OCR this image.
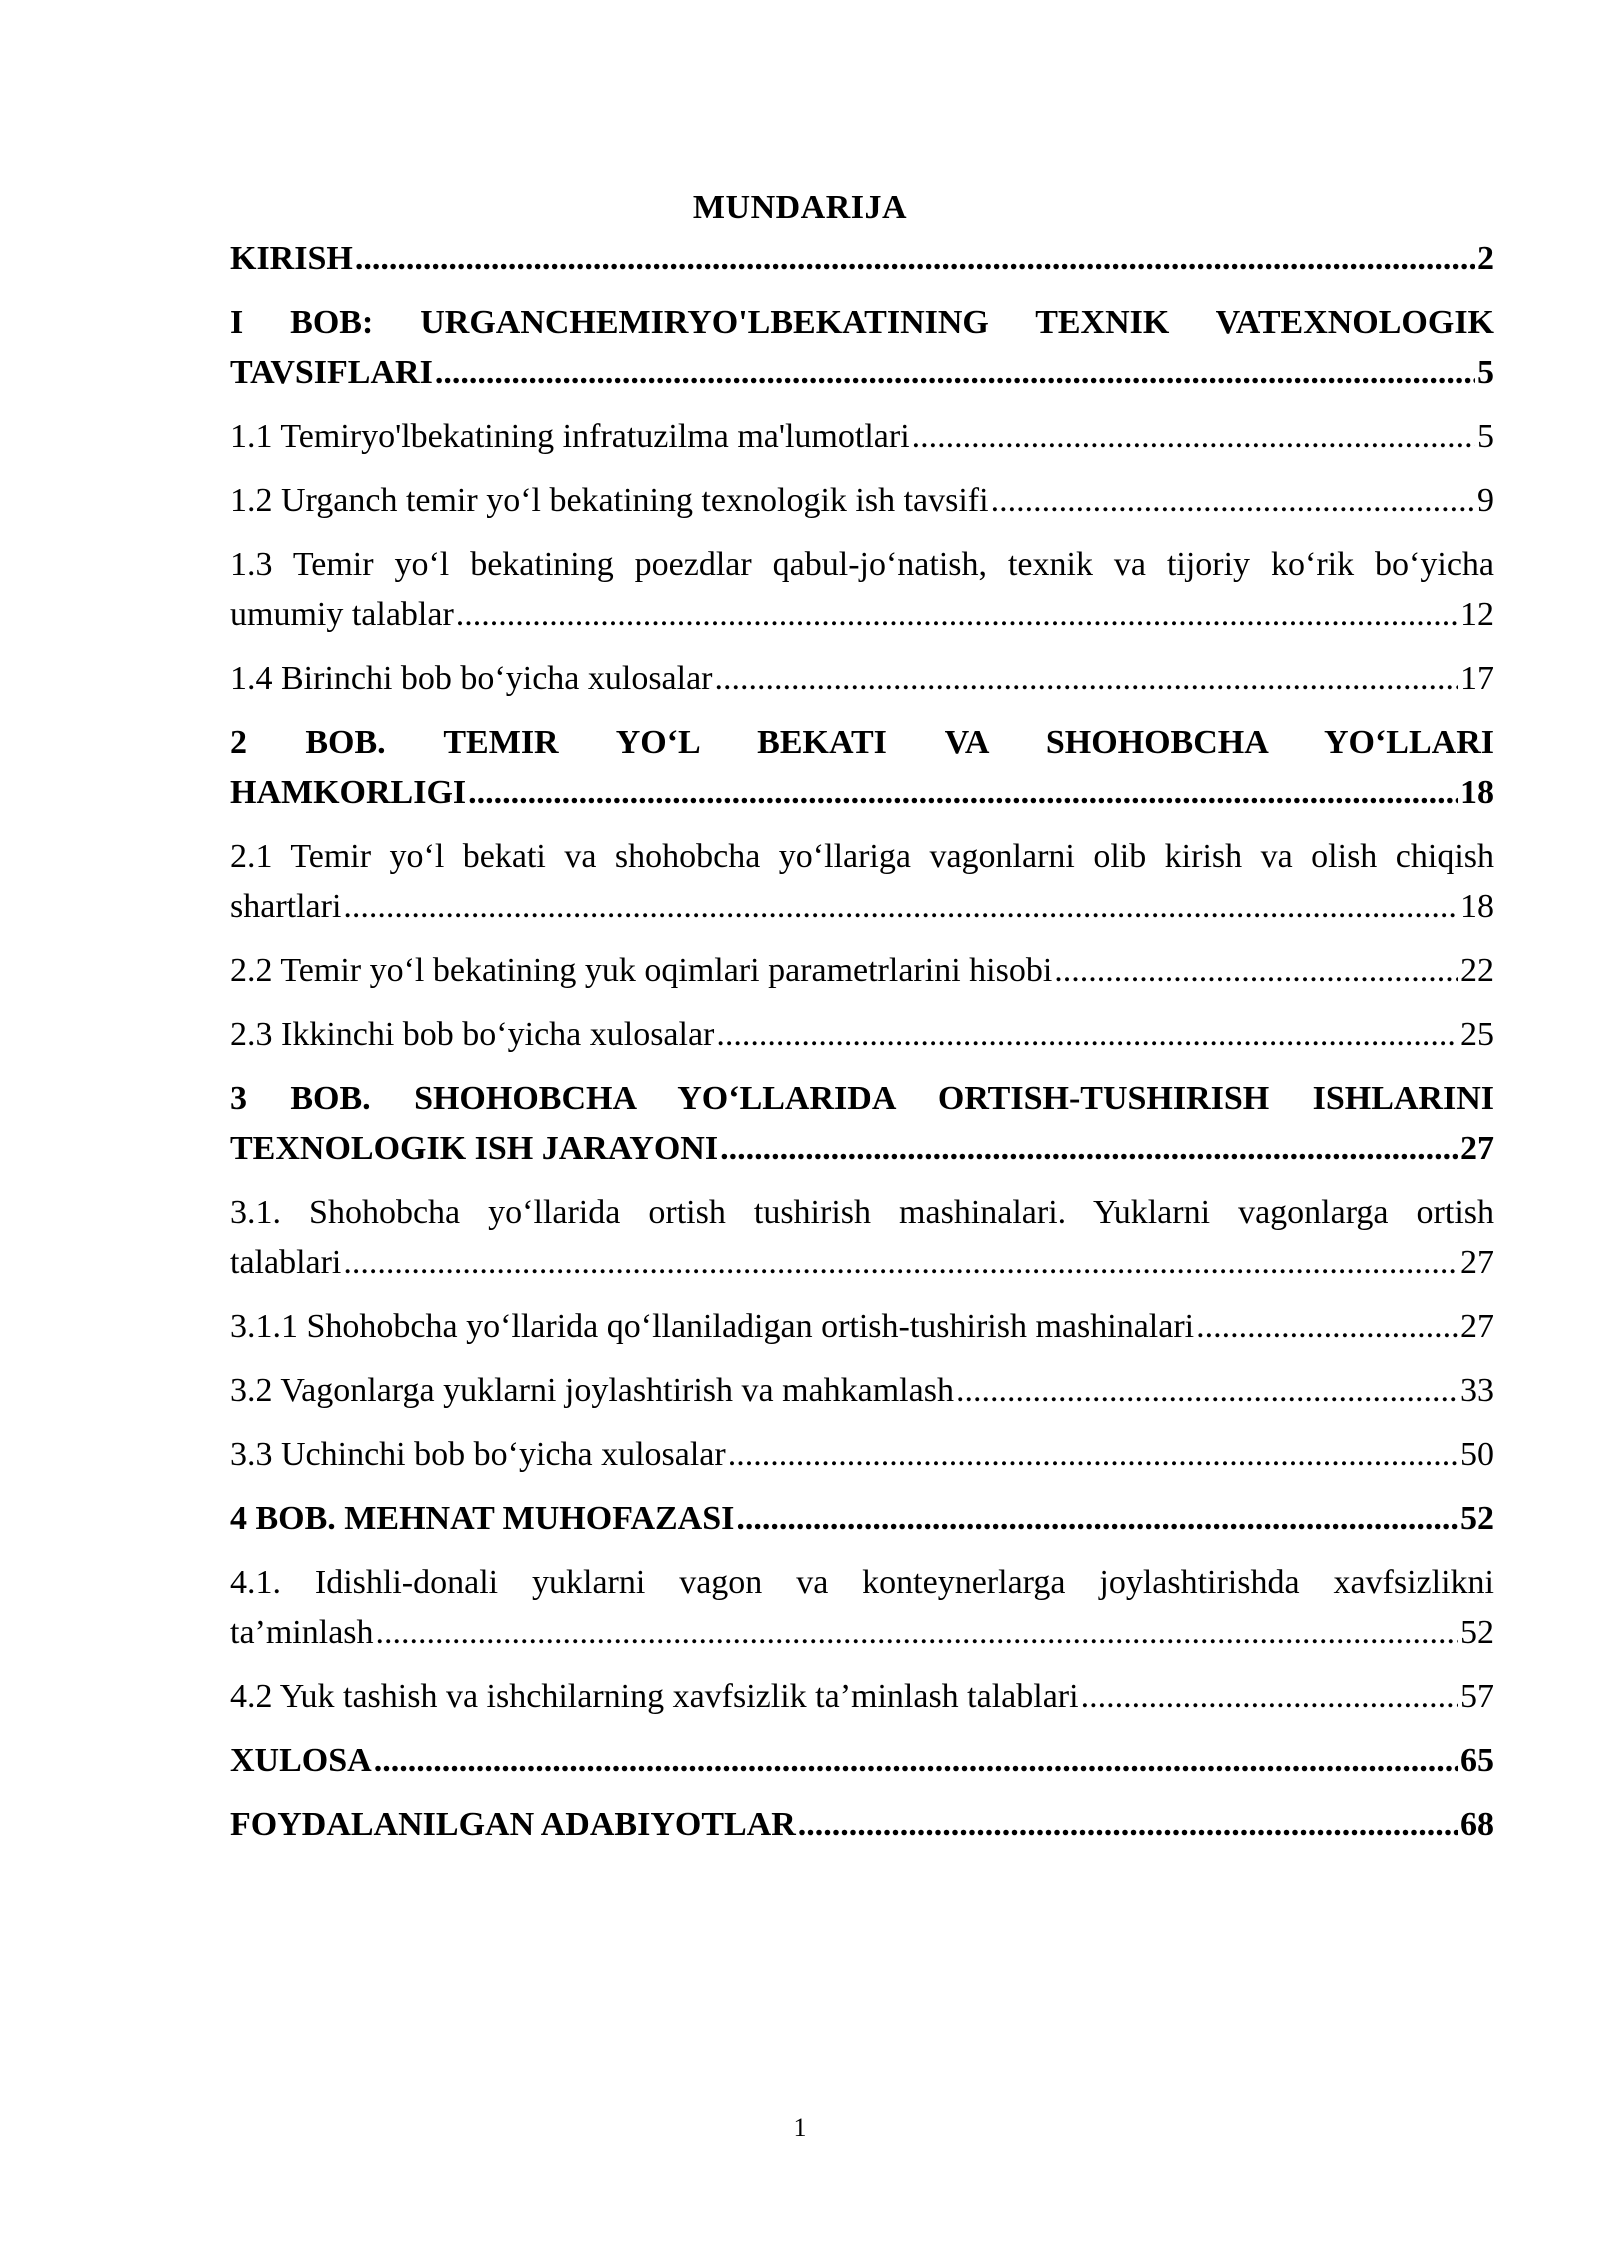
MUNDARIJA
KIRISH .....	2
I BOB: URGANCHEMIRYO'LBEKATINING TEXNIK VATEXNOLOGIK
TAVSIFLARI .....	5
1.1 Temiryo'lbekatining infratuzilma ma'lumotlari .....	5
1.2 Urganch temir yo‘l bekatining texnologik ish tavsifi .....	9
1.3 Temir yo‘l bekatining poezdlar qabul-jo‘natish, texnik va tijoriy ko‘rik bo‘yicha
umumiy talablar .....	12
1.4 Birinchi bob bo‘yicha xulosalar .....	17
2 BOB. TEMIR YO‘L BEKATI VA SHOHOBCHA YO‘LLARI
HAMKORLIGI .....	18
2.1 Temir yo‘l bekati va shohobcha yo‘llariga vagonlarni olib kirish va olish chiqish
shartlari .....	18
2.2 Temir yo‘l bekatining yuk oqimlari parametrlarini hisobi .....	22
2.3 Ikkinchi bob bo‘yicha xulosalar .....	25
3 BOB. SHOHOBCHA YO‘LLARIDA ORTISH-TUSHIRISH ISHLARINI
TEXNOLOGIK ISH JARAYONI .....	27
3.1. Shohobcha yo‘llarida ortish tushirish mashinalari. Yuklarni vagonlarga ortish
talablari .....	27
3.1.1 Shohobcha yo‘llarida qo‘llaniladigan ortish-tushirish mashinalari .....	27
3.2 Vagonlarga yuklarni joylashtirish va mahkamlash .....	33
3.3 Uchinchi bob bo‘yicha xulosalar .....	50
4 BOB. MEHNAT MUHOFAZASI .....	52
4.1. Idishli-donali yuklarni vagon va konteynerlarga joylashtirishda xavfsizlikni
ta’minlash .....	52
4.2 Yuk tashish va ishchilarning xavfsizlik ta’minlash talablari .....	57
XULOSA .....	65
FOYDALANILGAN ADABIYOTLAR .....	68
1
